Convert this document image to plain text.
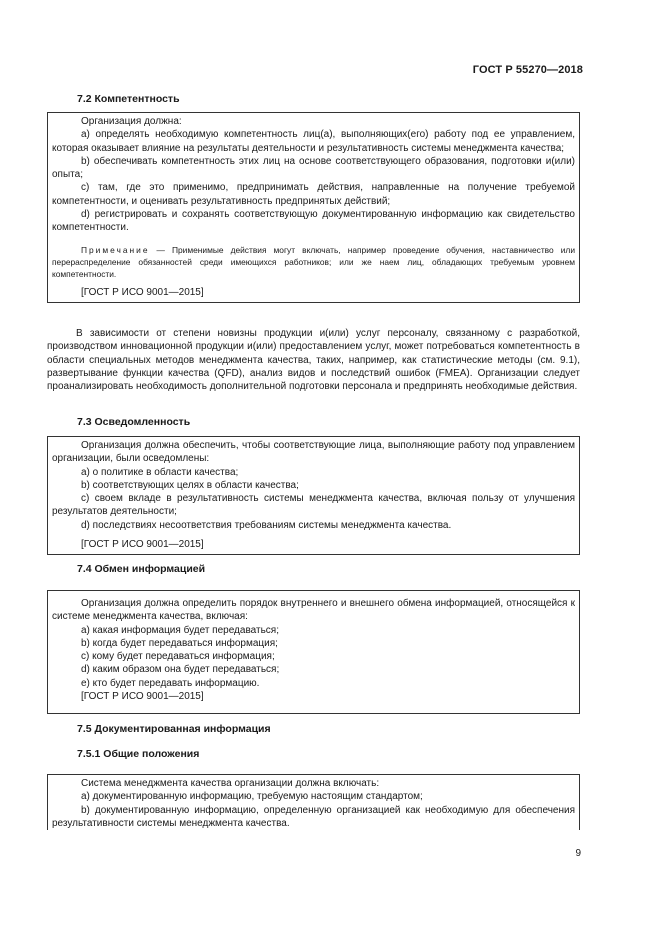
ГОСТ Р 55270—2018
7.2 Компетентность

Организация должна:

a) определять необходимую компетентность лиц(а), выполняющих(его) работу под ее управлением, которая оказывает влияние на результаты деятельности и результативность системы менеджмента качества;

b) обеспечивать компетентность этих лиц на основе соответствующего образования, подготовки и(или) опыта;

c) там, где это применимо, предпринимать действия, направленные на получение требуемой компетентности, и оценивать результативность предпринятых действий;

d) регистрировать и сохранять соответствующую документированную информацию как свидетельство компетентности.

Примечание — Применимые действия могут включать, например проведение обучения, наставничество или перераспределение обязанностей среди имеющихся работников; или же наем лиц, обладающих требуемым уровнем компетентности.

[ГОСТ Р ИСО 9001—2015]

В зависимости от степени новизны продукции и(или) услуг персоналу, связанному с разработкой, производством инновационной продукции и(или) предоставлением услуг, может потребоваться компетентность в области специальных методов менеджмента качества, таких, например, как статистические методы (см. 9.1), развертывание функции качества (QFD), анализ видов и последствий ошибок (FMEA). Организации следует проанализировать необходимость дополнительной подготовки персонала и предпринять необходимые действия.

7.3 Осведомленность

Организация должна обеспечить, чтобы соответствующие лица, выполняющие работу под управлением организации, были осведомлены:

a) о политике в области качества;

b) соответствующих целях в области качества;

c) своем вкладе в результативность системы менеджмента качества, включая пользу от улучшения результатов деятельности;

d) последствиях несоответствия требованиям системы менеджмента качества.

[ГОСТ Р ИСО 9001—2015]

7.4 Обмен информацией

Организация должна определить порядок внутреннего и внешнего обмена информацией, относящейся к системе менеджмента качества, включая:

a) какая информация будет передаваться;

b) когда будет передаваться информация;

c) кому будет передаваться информация;

d) каким образом она будет передаваться;

e) кто будет передавать информацию.

[ГОСТ Р ИСО 9001—2015]

7.5 Документированная информация
7.5.1 Общие положения

Система менеджмента качества организации должна включать:

a) документированную информацию, требуемую настоящим стандартом;

b) документированную информацию, определенную организацией как необходимую для обеспечения результативности системы менеджмента качества.

9
